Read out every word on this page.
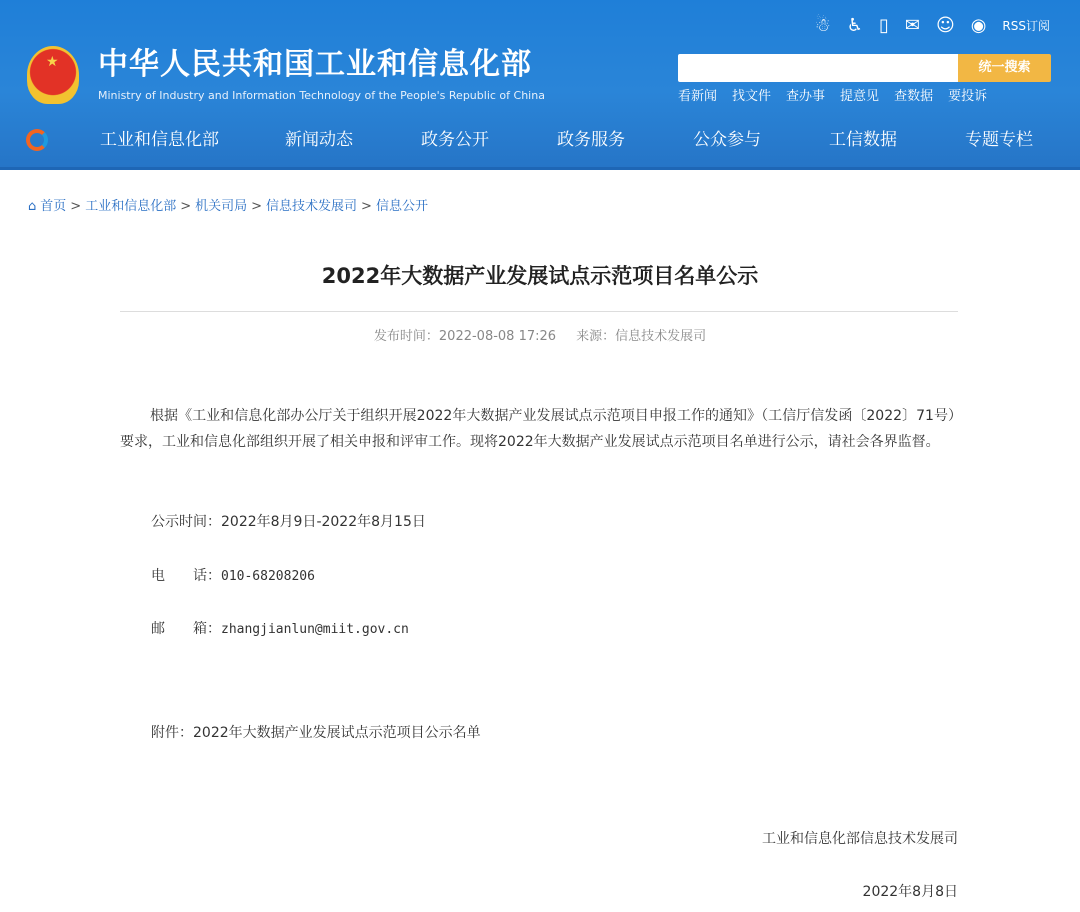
★ 中华人民共和国工业和信息化部
Ministry of Industry and Information Technology of the People's Republic of China
☃ ♿ ▯ ✉ ☺ ◉ RSS订阅
统一搜索
看新闻 找文件 查办事 提意见 查数据 要投诉
工业和信息化部	新闻动态	政务公开	政务服务	公众参与	工信数据	专题专栏
⌂ 首页 > 工业和信息化部 > 机关司局 > 信息技术发展司 > 信息公开
2022年大数据产业发展试点示范项目名单公示
发布时间：2022-08-08 17:26 来源：信息技术发展司
根据《工业和信息化部办公厅关于组织开展2022年大数据产业发展试点示范项目申报工作的通知》（工信厅信发函〔2022〕71号）要求，工业和信息化部组织开展了相关申报和评审工作。现将2022年大数据产业发展试点示范项目名单进行公示，请社会各界监督。
公示时间：2022年8月9日-2022年8月15日
电　　话：010-68208206
邮　　箱：zhangjianlun@miit.gov.cn
附件：2022年大数据产业发展试点示范项目公示名单
工业和信息化部信息技术发展司
2022年8月8日
